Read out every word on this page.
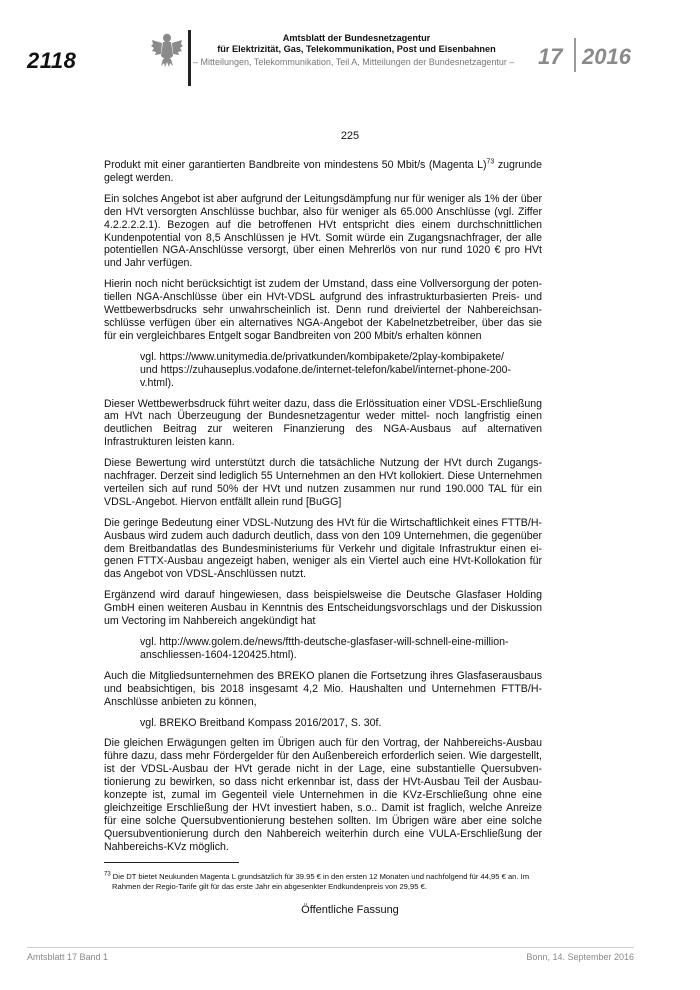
2118
Amtsblatt der Bundesnetzagentur
für Elektrizität, Gas, Telekommunikation, Post und Eisenbahnen
– Mitteilungen, Telekommunikation, Teil A, Mitteilungen der Bundesnetzagentur – 17 2016
225

Produkt mit einer garantierten Bandbreite von mindestens 50 Mbit/s (Magenta L)$^{73}$ zugrunde gelegt werden.

Ein solches Angebot ist aber aufgrund der Leitungsdämpfung nur für weniger als 1% der über den HVt versorgten Anschlüsse buchbar, also für weniger als 65.000 Anschlüsse (vgl. Ziffer 4.2.2.2.2.1). Bezogen auf die betroffenen HVt entspricht dies einem durchschnittlichen Kundenpotential von 8,5 Anschlüssen je HVt. Somit würde ein Zugangsnachfrager, der alle potentiellen NGA-Anschlüsse versorgt, über einen Mehrerlös von nur rund 1020 € pro HVt und Jahr verfügen.

Hierin noch nicht berücksichtigt ist zudem der Umstand, dass eine Vollversorgung der potentiellen NGA-Anschlüsse über ein HVt-VDSL aufgrund des infrastrukturbasierten Preis- und Wettbewerbsdrucks sehr unwahrscheinlich ist. Denn rund dreiviertel der Nahbereichsanschlüsse verfügen über ein alternatives NGA-Angebot der Kabelnetzbetreiber, über das sie für ein vergleichbares Entgelt sogar Bandbreiten von 200 Mbit/s erhalten können

vgl. https://www.unitymedia.de/privatkunden/kombipakete/2play-kombipakete/
und https://zuhauseplus.vodafone.de/internet-telefon/kabel/internet-phone-200-v.html).

Dieser Wettbewerbsdruck führt weiter dazu, dass die Erlössituation einer VDSL-Erschließung am HVt nach Überzeugung der Bundesnetzagentur weder mittel- noch langfristig einen deutlichen Beitrag zur weiteren Finanzierung des NGA-Ausbaus auf alternativen Infrastrukturen leisten kann.

Diese Bewertung wird unterstützt durch die tatsächliche Nutzung der HVt durch Zugangsnachfrager. Derzeit sind lediglich 55 Unternehmen an den HVt kollokiert. Diese Unternehmen verteilen sich auf rund 50% der HVt und nutzen zusammen nur rund 190.000 TAL für ein VDSL-Angebot. Hiervon entfällt allein rund [BuGG]

Die geringe Bedeutung einer VDSL-Nutzung des HVt für die Wirtschaftlichkeit eines FTTB/H-Ausbaus wird zudem auch dadurch deutlich, dass von den 109 Unternehmen, die gegenüber dem Breitbandatlas des Bundesministeriums für Verkehr und digitale Infrastruktur einen eigenen FTTX-Ausbau angezeigt haben, weniger als ein Viertel auch eine HVt-Kollokation für das Angebot von VDSL-Anschlüssen nutzt.

Ergänzend wird darauf hingewiesen, dass beispielsweise die Deutsche Glasfaser Holding GmbH einen weiteren Ausbau in Kenntnis des Entscheidungsvorschlags und der Diskussion um Vectoring im Nahbereich angekündigt hat

vgl. http://www.golem.de/news/ftth-deutsche-glasfaser-will-schnell-eine-million-anschliessen-1604-120425.html).

Auch die Mitgliedsunternehmen des BREKO planen die Fortsetzung ihres Glasfaserausbaus und beabsichtigen, bis 2018 insgesamt 4,2 Mio. Haushalten und Unternehmen FTTB/H-Anschlüsse anbieten zu können,

vgl. BREKO Breitband Kompass 2016/2017, S. 30f.

Die gleichen Erwägungen gelten im Übrigen auch für den Vortrag, der Nahbereichs-Ausbau führe dazu, dass mehr Fördergelder für den Außenbereich erforderlich seien. Wie dargestellt, ist der VDSL-Ausbau der HVt gerade nicht in der Lage, eine substantielle Quersubventionierung zu bewirken, so dass nicht erkennbar ist, dass der HVt-Ausbau Teil der Ausbaukonzepte ist, zumal im Gegenteil viele Unternehmen in die KVz-Erschließung ohne eine gleichzeitige Erschließung der HVt investiert haben, s.o.. Damit ist fraglich, welche Anreize für eine solche Quersubventionierung bestehen sollten. Im Übrigen wäre aber eine solche Quersubventionierung durch den Nahbereich weiterhin durch eine VULA-Erschließung der Nahbereichs-KVz möglich.

$^{73}$ Die DT bietet Neukunden Magenta L grundsätzlich für 39.95 € in den ersten 12 Monaten und nachfolgend für 44,95 € an. Im Rahmen der Regio-Tarife gilt für das erste Jahr ein abgesenkter Endkundenpreis von 29,95 €.
Öffentliche Fassung
Amtsblatt 17 Band 1	Bonn, 14. September 2016
